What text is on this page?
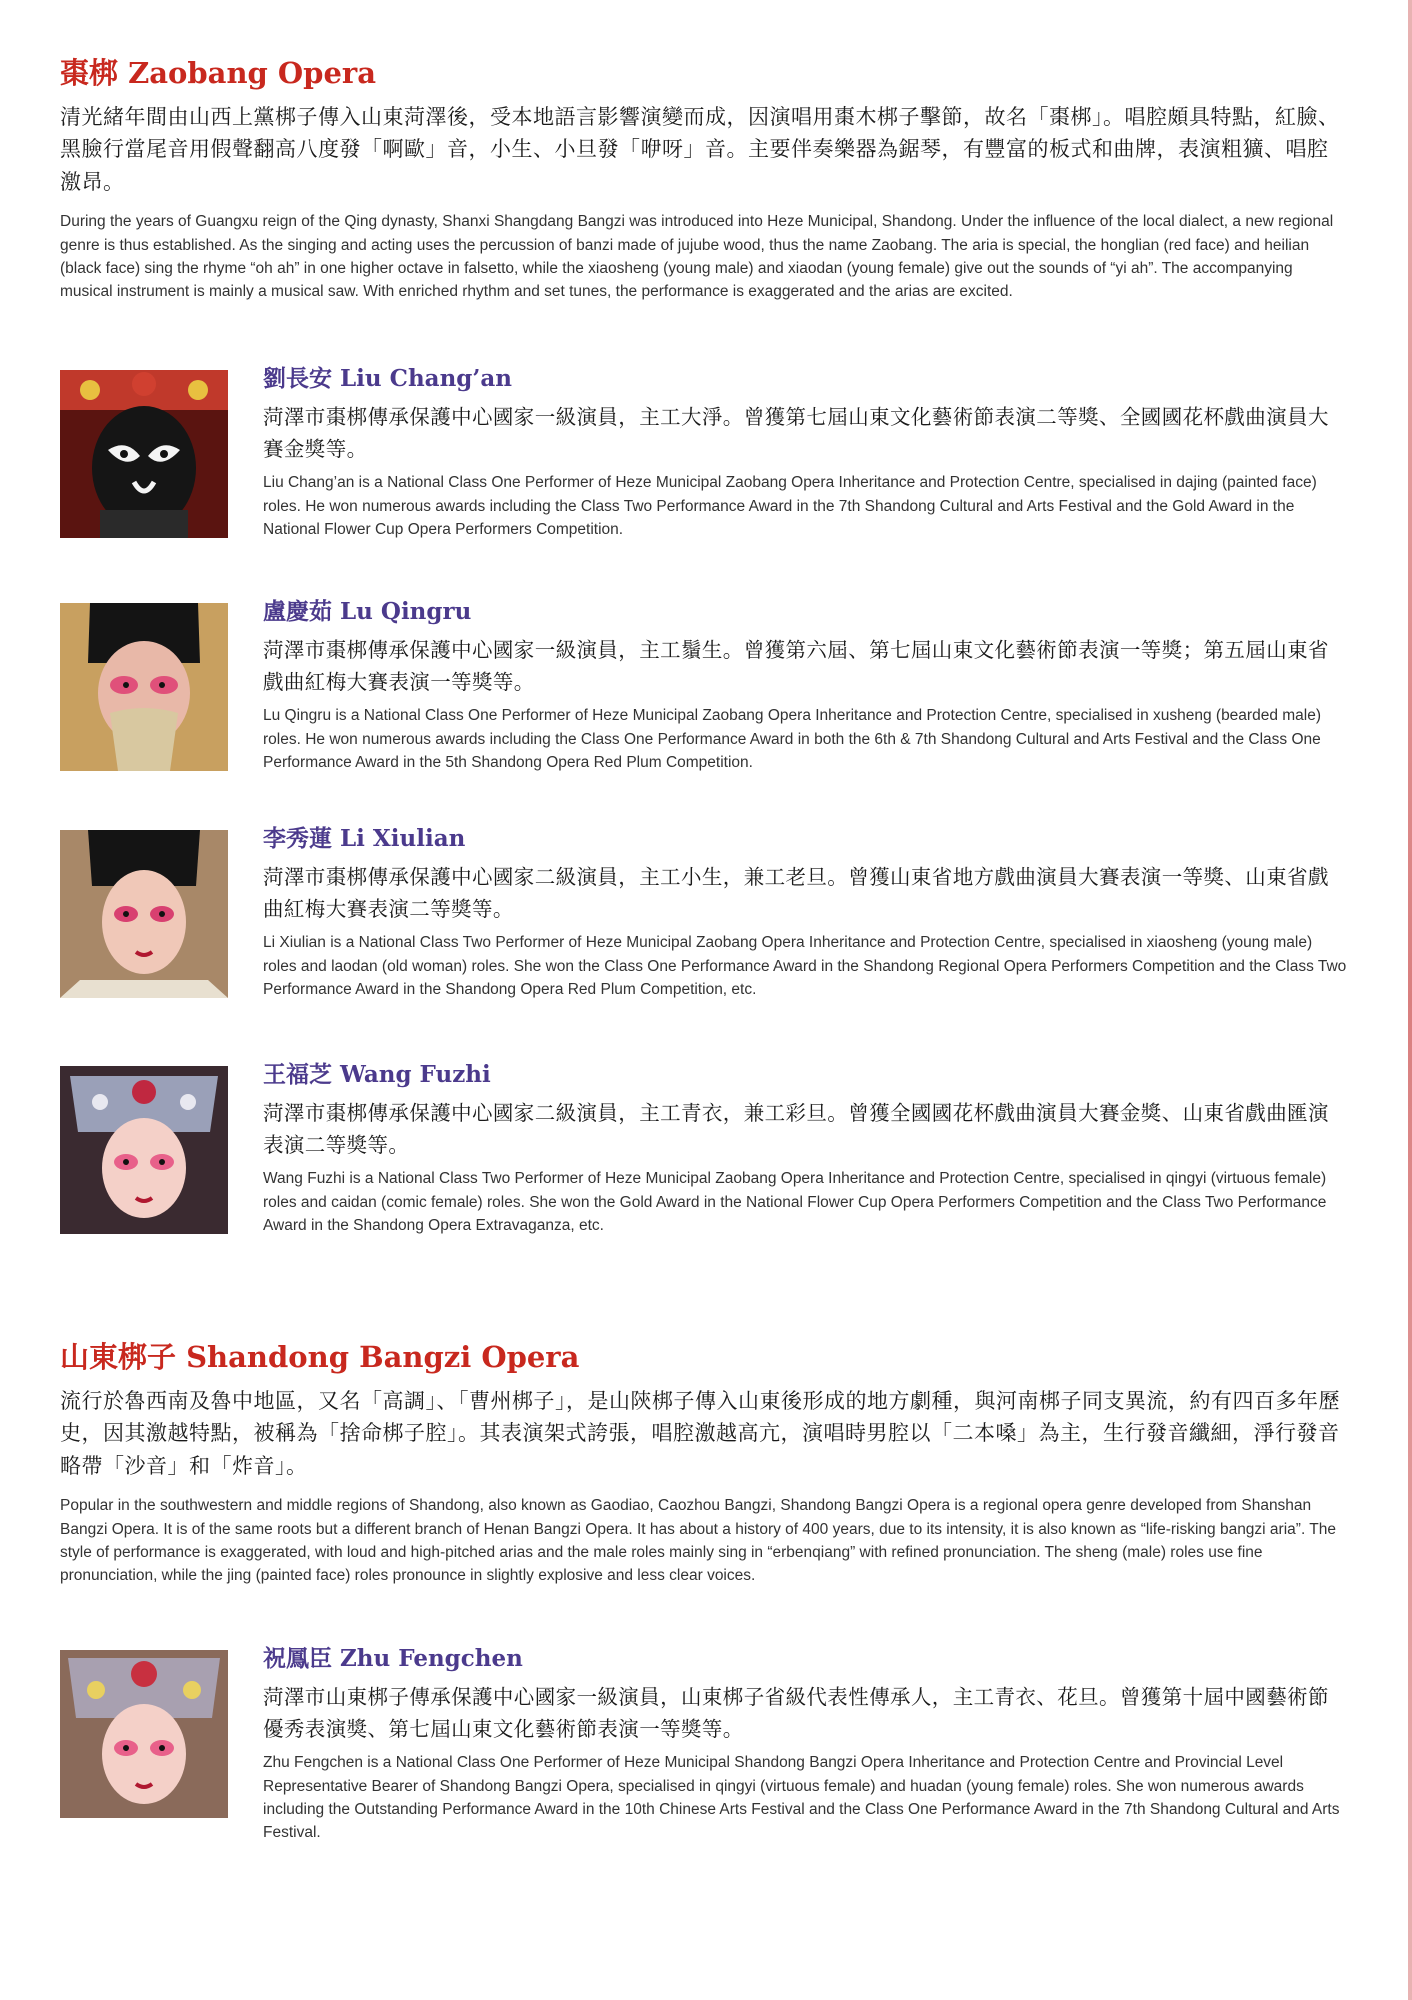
棗梆 Zaobang Opera

清光緒年間由山西上黨梆子傳入山東菏澤後，受本地語言影響演變而成，因演唱用棗木梆子擊節，故名「棗梆」。唱腔頗具特點，紅臉、黑臉行當尾音用假聲翻高八度發「啊歐」音，小生、小旦發「咿呀」音。主要伴奏樂器為鋸琴，有豐富的板式和曲牌，表演粗獷、唱腔激昂。

During the years of Guangxu reign of the Qing dynasty, Shanxi Shangdang Bangzi was introduced into Heze Municipal, Shandong. Under the influence of the local dialect, a new regional genre is thus established. As the singing and acting uses the percussion of banzi made of jujube wood, thus the name Zaobang. The aria is special, the honglian (red face) and heilian (black face) sing the rhyme “oh ah” in one higher octave in falsetto, while the xiaosheng (young male) and xiaodan (young female) give out the sounds of “yi ah”. The accompanying musical instrument is mainly a musical saw. With enriched rhythm and set tunes, the performance is exaggerated and the arias are excited.

劉長安 Liu Chang’an

菏澤市棗梆傳承保護中心國家一級演員，主工大淨。曾獲第七屆山東文化藝術節表演二等獎、全國國花杯戲曲演員大賽金獎等。

Liu Chang’an is a National Class One Performer of Heze Municipal Zaobang Opera Inheritance and Protection Centre, specialised in dajing (painted face) roles. He won numerous awards including the Class Two Performance Award in the 7th Shandong Cultural and Arts Festival and the Gold Award in the National Flower Cup Opera Performers Competition.

盧慶茹 Lu Qingru

菏澤市棗梆傳承保護中心國家一級演員，主工鬚生。曾獲第六屆、第七屆山東文化藝術節表演一等獎；第五屆山東省戲曲紅梅大賽表演一等獎等。

Lu Qingru is a National Class One Performer of Heze Municipal Zaobang Opera Inheritance and Protection Centre, specialised in xusheng (bearded male) roles. He won numerous awards including the Class One Performance Award in both the 6th & 7th Shandong Cultural and Arts Festival and the Class One Performance Award in the 5th Shandong Opera Red Plum Competition.

李秀蓮 Li Xiulian

菏澤市棗梆傳承保護中心國家二級演員，主工小生，兼工老旦。曾獲山東省地方戲曲演員大賽表演一等獎、山東省戲曲紅梅大賽表演二等獎等。

Li Xiulian is a National Class Two Performer of Heze Municipal Zaobang Opera Inheritance and Protection Centre, specialised in xiaosheng (young male) roles and laodan (old woman) roles. She won the Class One Performance Award in the Shandong Regional Opera Performers Competition and the Class Two Performance Award in the Shandong Opera Red Plum Competition, etc.

王福芝 Wang Fuzhi

菏澤市棗梆傳承保護中心國家二級演員，主工青衣，兼工彩旦。曾獲全國國花杯戲曲演員大賽金獎、山東省戲曲匯演表演二等獎等。

Wang Fuzhi is a National Class Two Performer of Heze Municipal Zaobang Opera Inheritance and Protection Centre, specialised in qingyi (virtuous female) roles and caidan (comic female) roles. She won the Gold Award in the National Flower Cup Opera Performers Competition and the Class Two Performance Award in the Shandong Opera Extravaganza, etc.

山東梆子 Shandong Bangzi Opera

流行於魯西南及魯中地區，又名「高調」、「曹州梆子」，是山陝梆子傳入山東後形成的地方劇種，與河南梆子同支異流，約有四百多年歷史，因其激越特點，被稱為「捨命梆子腔」。其表演架式誇張，唱腔激越高亢，演唱時男腔以「二本嗓」為主，生行發音纖細，淨行發音略帶「沙音」和「炸音」。

Popular in the southwestern and middle regions of Shandong, also known as Gaodiao, Caozhou Bangzi, Shandong Bangzi Opera is a regional opera genre developed from Shanshan Bangzi Opera. It is of the same roots but a different branch of Henan Bangzi Opera. It has about a history of 400 years, due to its intensity, it is also known as “life-risking bangzi aria”. The style of performance is exaggerated, with loud and high-pitched arias and the male roles mainly sing in “erbenqiang” with refined pronunciation. The sheng (male) roles use fine pronunciation, while the jing (painted face) roles pronounce in slightly explosive and less clear voices.

祝鳳臣 Zhu Fengchen

菏澤市山東梆子傳承保護中心國家一級演員，山東梆子省級代表性傳承人，主工青衣、花旦。曾獲第十屆中國藝術節優秀表演獎、第七屆山東文化藝術節表演一等獎等。

Zhu Fengchen is a National Class One Performer of Heze Municipal Shandong Bangzi Opera Inheritance and Protection Centre and Provincial Level Representative Bearer of Shandong Bangzi Opera, specialised in qingyi (virtuous female) and huadan (young female) roles. She won numerous awards including the Outstanding Performance Award in the 10th Chinese Arts Festival and the Class One Performance Award in the 7th Shandong Cultural and Arts Festival.
